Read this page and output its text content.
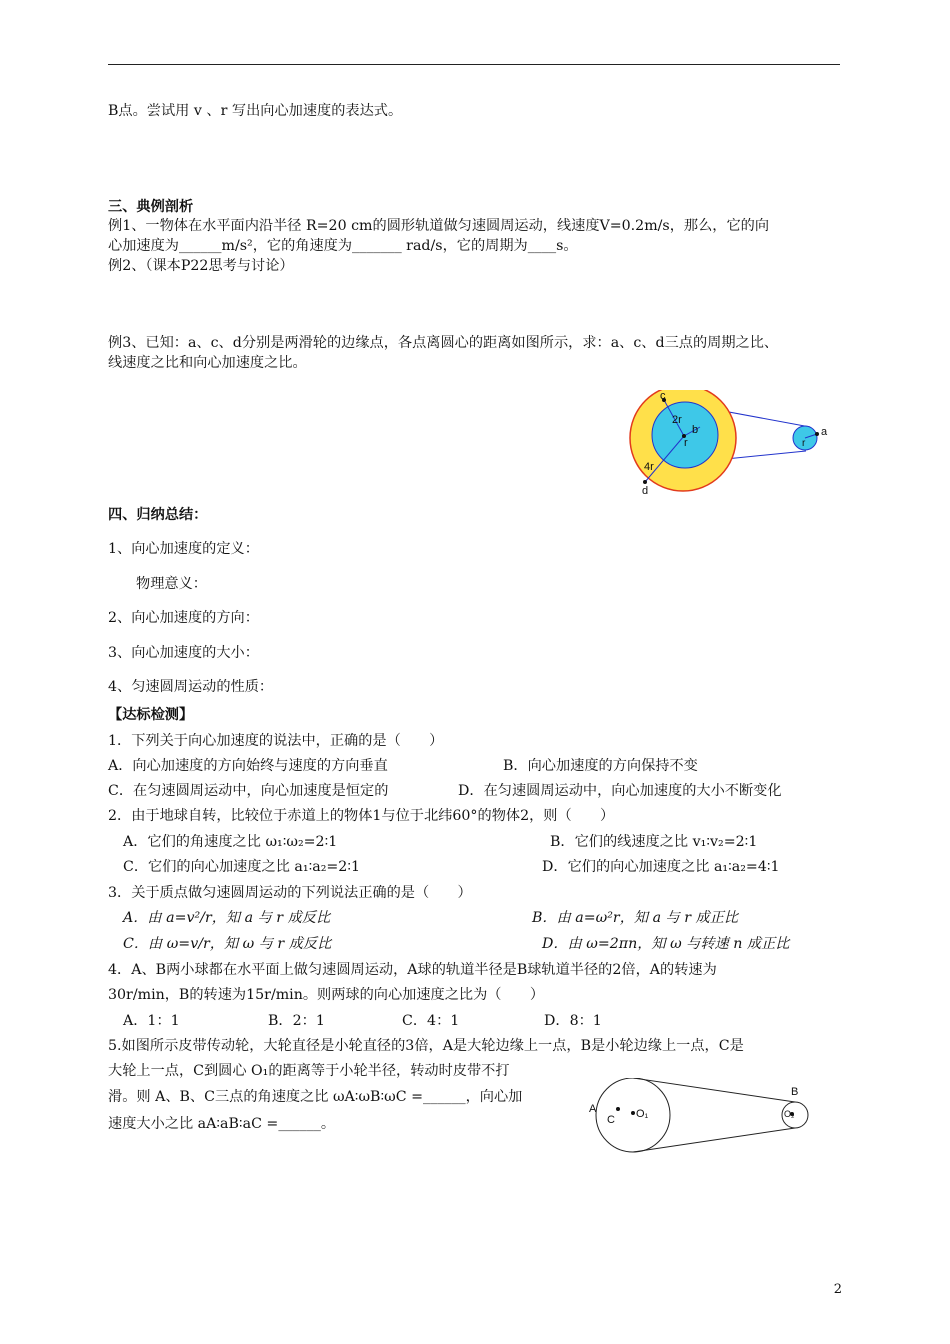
B点。尝试用 v 、r 写出向心加速度的表达式。
三、典例剖析
例1、一物体在水平面内沿半径 R=20 cm的圆形轨道做匀速圆周运动，线速度V=0.2m/s，那么，它的向
心加速度为______m/s²，它的角速度为_______ rad/s，它的周期为____s。
例2、（课本P22思考与讨论）
例3、已知：a、c、d分别是两滑轮的边缘点，各点离圆心的距离如图所示，求：a、c、d三点的周期之比、
线速度之比和向心加速度之比。
c
2r
b
r
4r
d
a
r
四、归纳总结：
1、向心加速度的定义：
物理意义：
2、向心加速度的方向：
3、向心加速度的大小：
4、匀速圆周运动的性质：
【达标检测】
1．下列关于向心加速度的说法中，正确的是（　　）
A．向心加速度的方向始终与速度的方向垂直	B．向心加速度的方向保持不变
C．在匀速圆周运动中，向心加速度是恒定的	D．在匀速圆周运动中，向心加速度的大小不断变化
2．由于地球自转，比较位于赤道上的物体1与位于北纬60°的物体2，则（　　）
A．它们的角速度之比 ω₁∶ω₂=2∶1	B．它们的线速度之比 v₁∶v₂=2∶1
C．它们的向心加速度之比 a₁∶a₂=2∶1	D．它们的向心加速度之比 a₁∶a₂=4∶1
3．关于质点做匀速圆周运动的下列说法正确的是（　　）
A．由 a=v²/r，知 a 与 r 成反比	B．由 a=ω²r，知 a 与 r 成正比
C．由 ω=v/r，知 ω 与 r 成反比	D．由 ω=2πn，知 ω 与转速 n 成正比
4．A、B两小球都在水平面上做匀速圆周运动，A球的轨道半径是B球轨道半径的2倍，A的转速为
30r/min，B的转速为15r/min。则两球的向心加速度之比为（　　）
A．1：1	B．2：1	C．4：1	D．8：1
5.如图所示皮带传动轮，大轮直径是小轮直径的3倍，A是大轮边缘上一点，B是小轮边缘上一点，C是
大轮上一点，C到圆心 O₁的距离等于小轮半径，转动时皮带不打
滑。则 A、B、C三点的角速度之比 ωA∶ωB∶ωC =______，向心加
速度大小之比 aA∶aB∶aC =______。
A
C O₁
B
O₂
2
